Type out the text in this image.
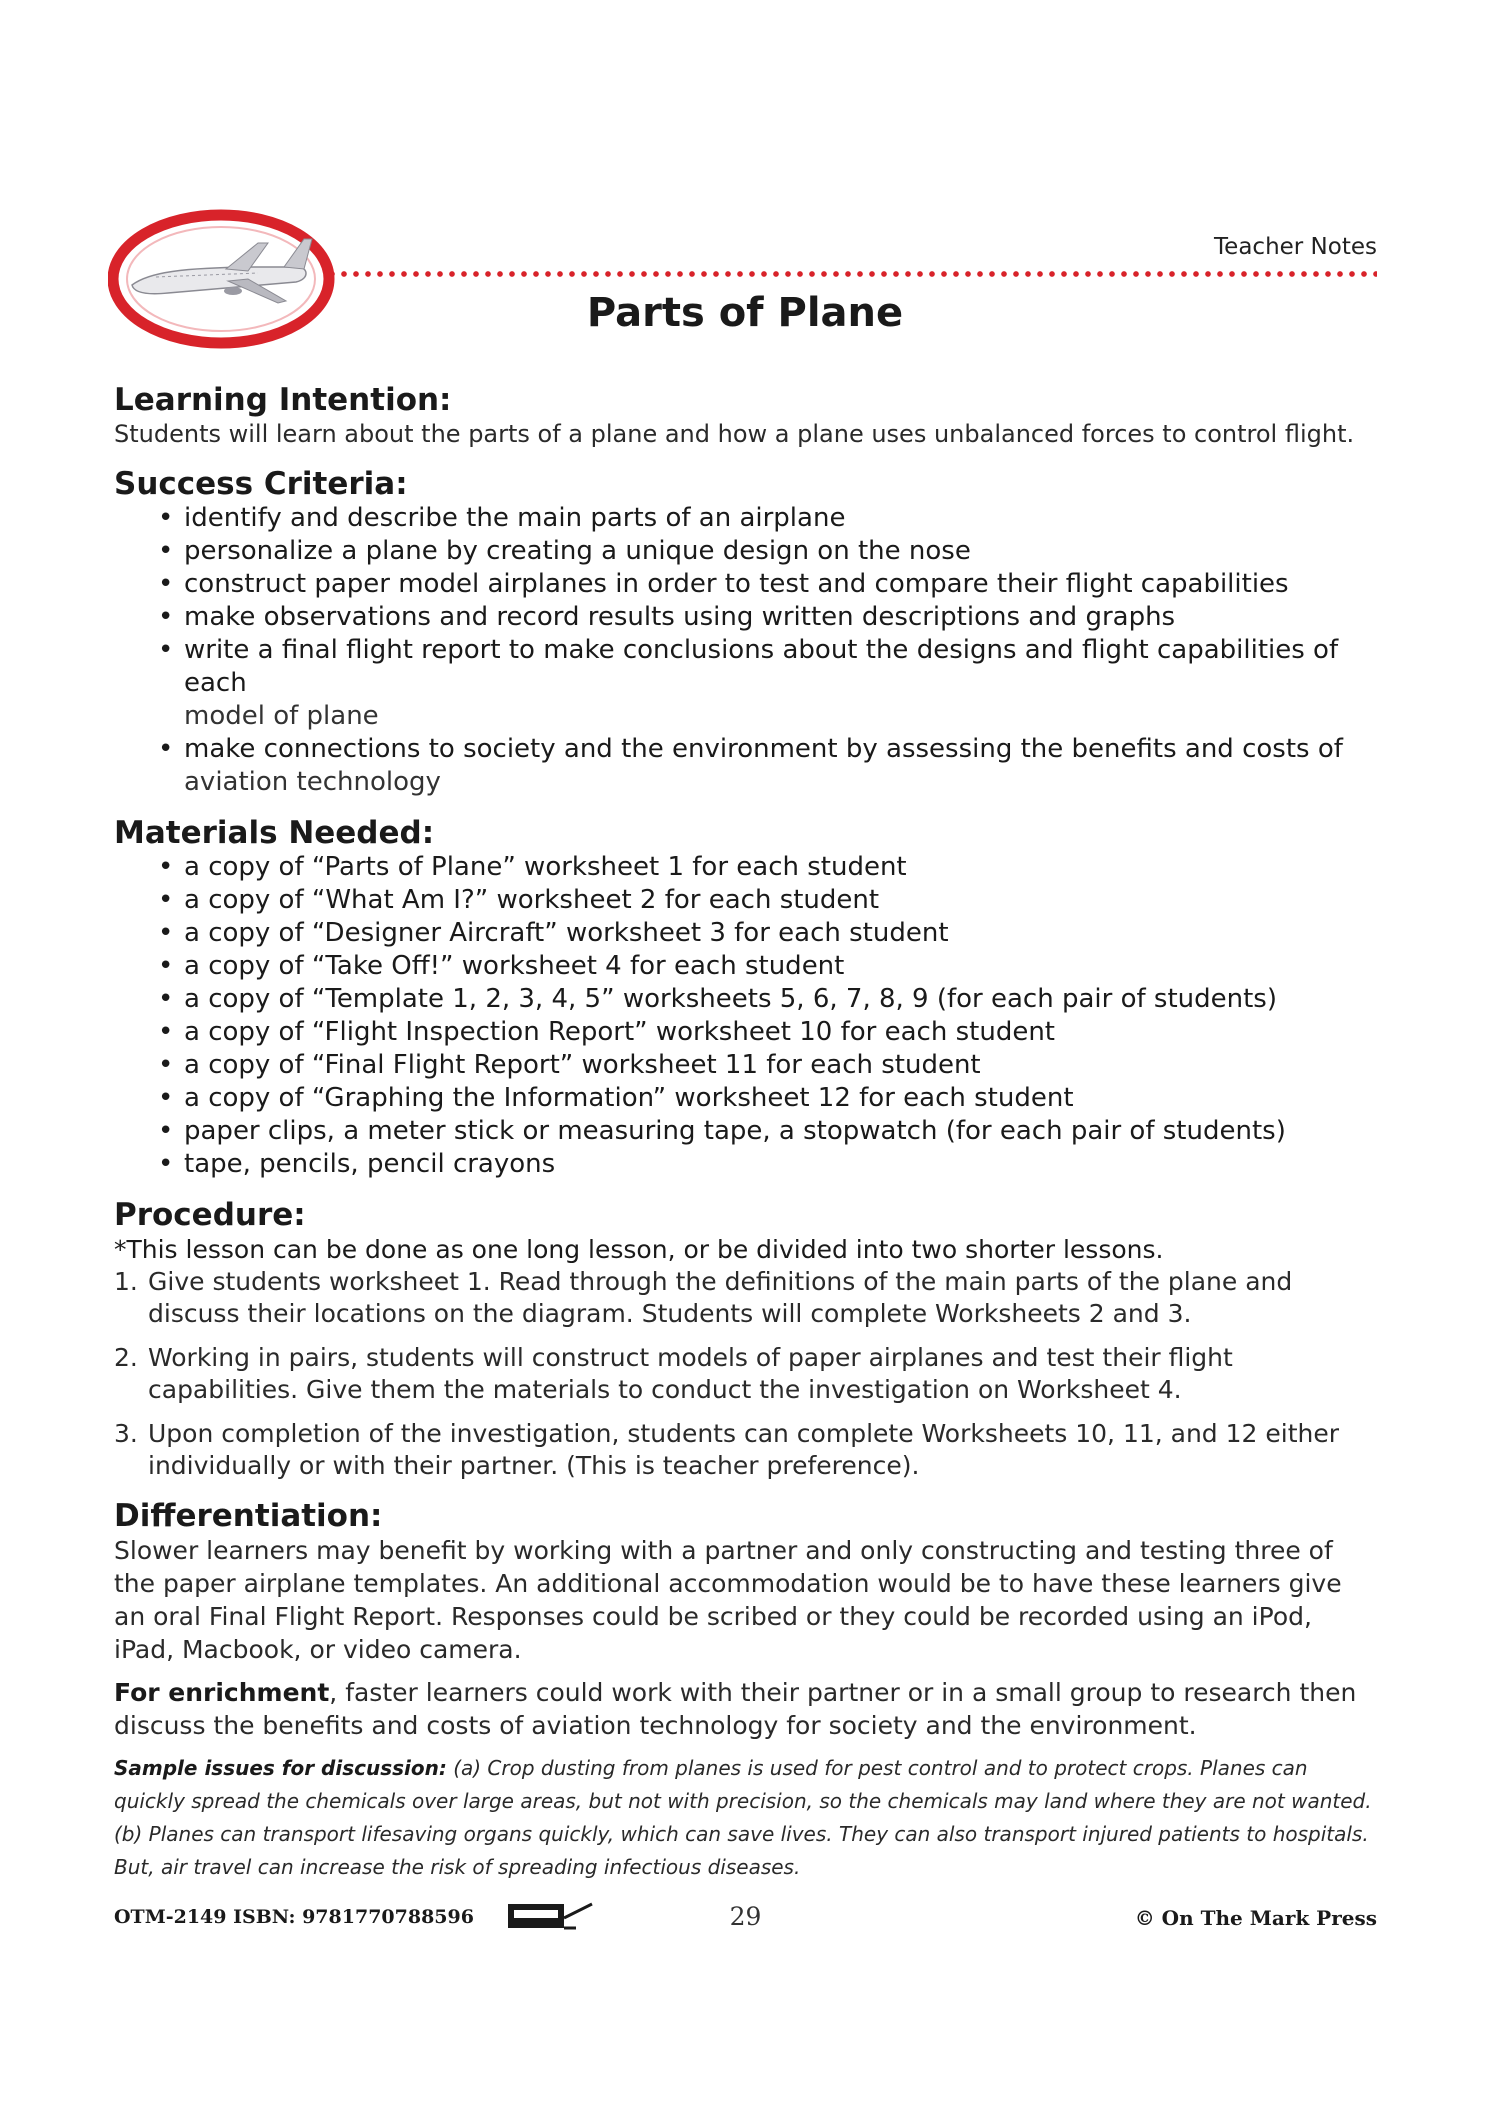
Teacher Notes
Parts of Plane
Learning Intention:

Students will learn about the parts of a plane and how a plane uses unbalanced forces to control flight.

Success Criteria:
• identify and describe the main parts of an airplane
• personalize a plane by creating a unique design on the nose
• construct paper model airplanes in order to test and compare their flight capabilities
• make observations and record results using written descriptions and graphs
• write a final flight report to make conclusions about the designs and flight capabilities of each
model of plane
• make connections to society and the environment by assessing the benefits and costs of
aviation technology
Materials Needed:
• a copy of “Parts of Plane” worksheet 1 for each student
• a copy of “What Am I?” worksheet 2 for each student
• a copy of “Designer Aircraft” worksheet 3 for each student
• a copy of “Take Off!” worksheet 4 for each student
• a copy of “Template 1, 2, 3, 4, 5” worksheets 5, 6, 7, 8, 9 (for each pair of students)
• a copy of “Flight Inspection Report” worksheet 10 for each student
• a copy of “Final Flight Report” worksheet 11 for each student
• a copy of “Graphing the Information” worksheet 12 for each student
• paper clips, a meter stick or measuring tape, a stopwatch (for each pair of students)
• tape, pencils, pencil crayons
Procedure:

*This lesson can be done as one long lesson, or be divided into two shorter lessons.

1. Give students worksheet 1. Read through the definitions of the main parts of the plane and discuss their locations on the diagram. Students will complete Worksheets 2 and 3.
2. Working in pairs, students will construct models of paper airplanes and test their flight capabilities. Give them the materials to conduct the investigation on Worksheet 4.
3. Upon completion of the investigation, students can complete Worksheets 10, 11, and 12 either individually or with their partner. (This is teacher preference).
Differentiation:

Slower learners may benefit by working with a partner and only constructing and testing three of the paper airplane templates. An additional accommodation would be to have these learners give an oral Final Flight Report. Responses could be scribed or they could be recorded using an iPod, iPad, Macbook, or video camera.

For enrichment, faster learners could work with their partner or in a small group to research then discuss the benefits and costs of aviation technology for society and the environment.

Sample issues for discussion: (a) Crop dusting from planes is used for pest control and to protect crops. Planes can quickly spread the chemicals over large areas, but not with precision, so the chemicals may land where they are not wanted. (b) Planes can transport lifesaving organs quickly, which can save lives. They can also transport injured patients to hospitals. But, air travel can increase the risk of spreading infectious diseases.

OTM-2149 ISBN: 9781770788596	29	© On The Mark Press
